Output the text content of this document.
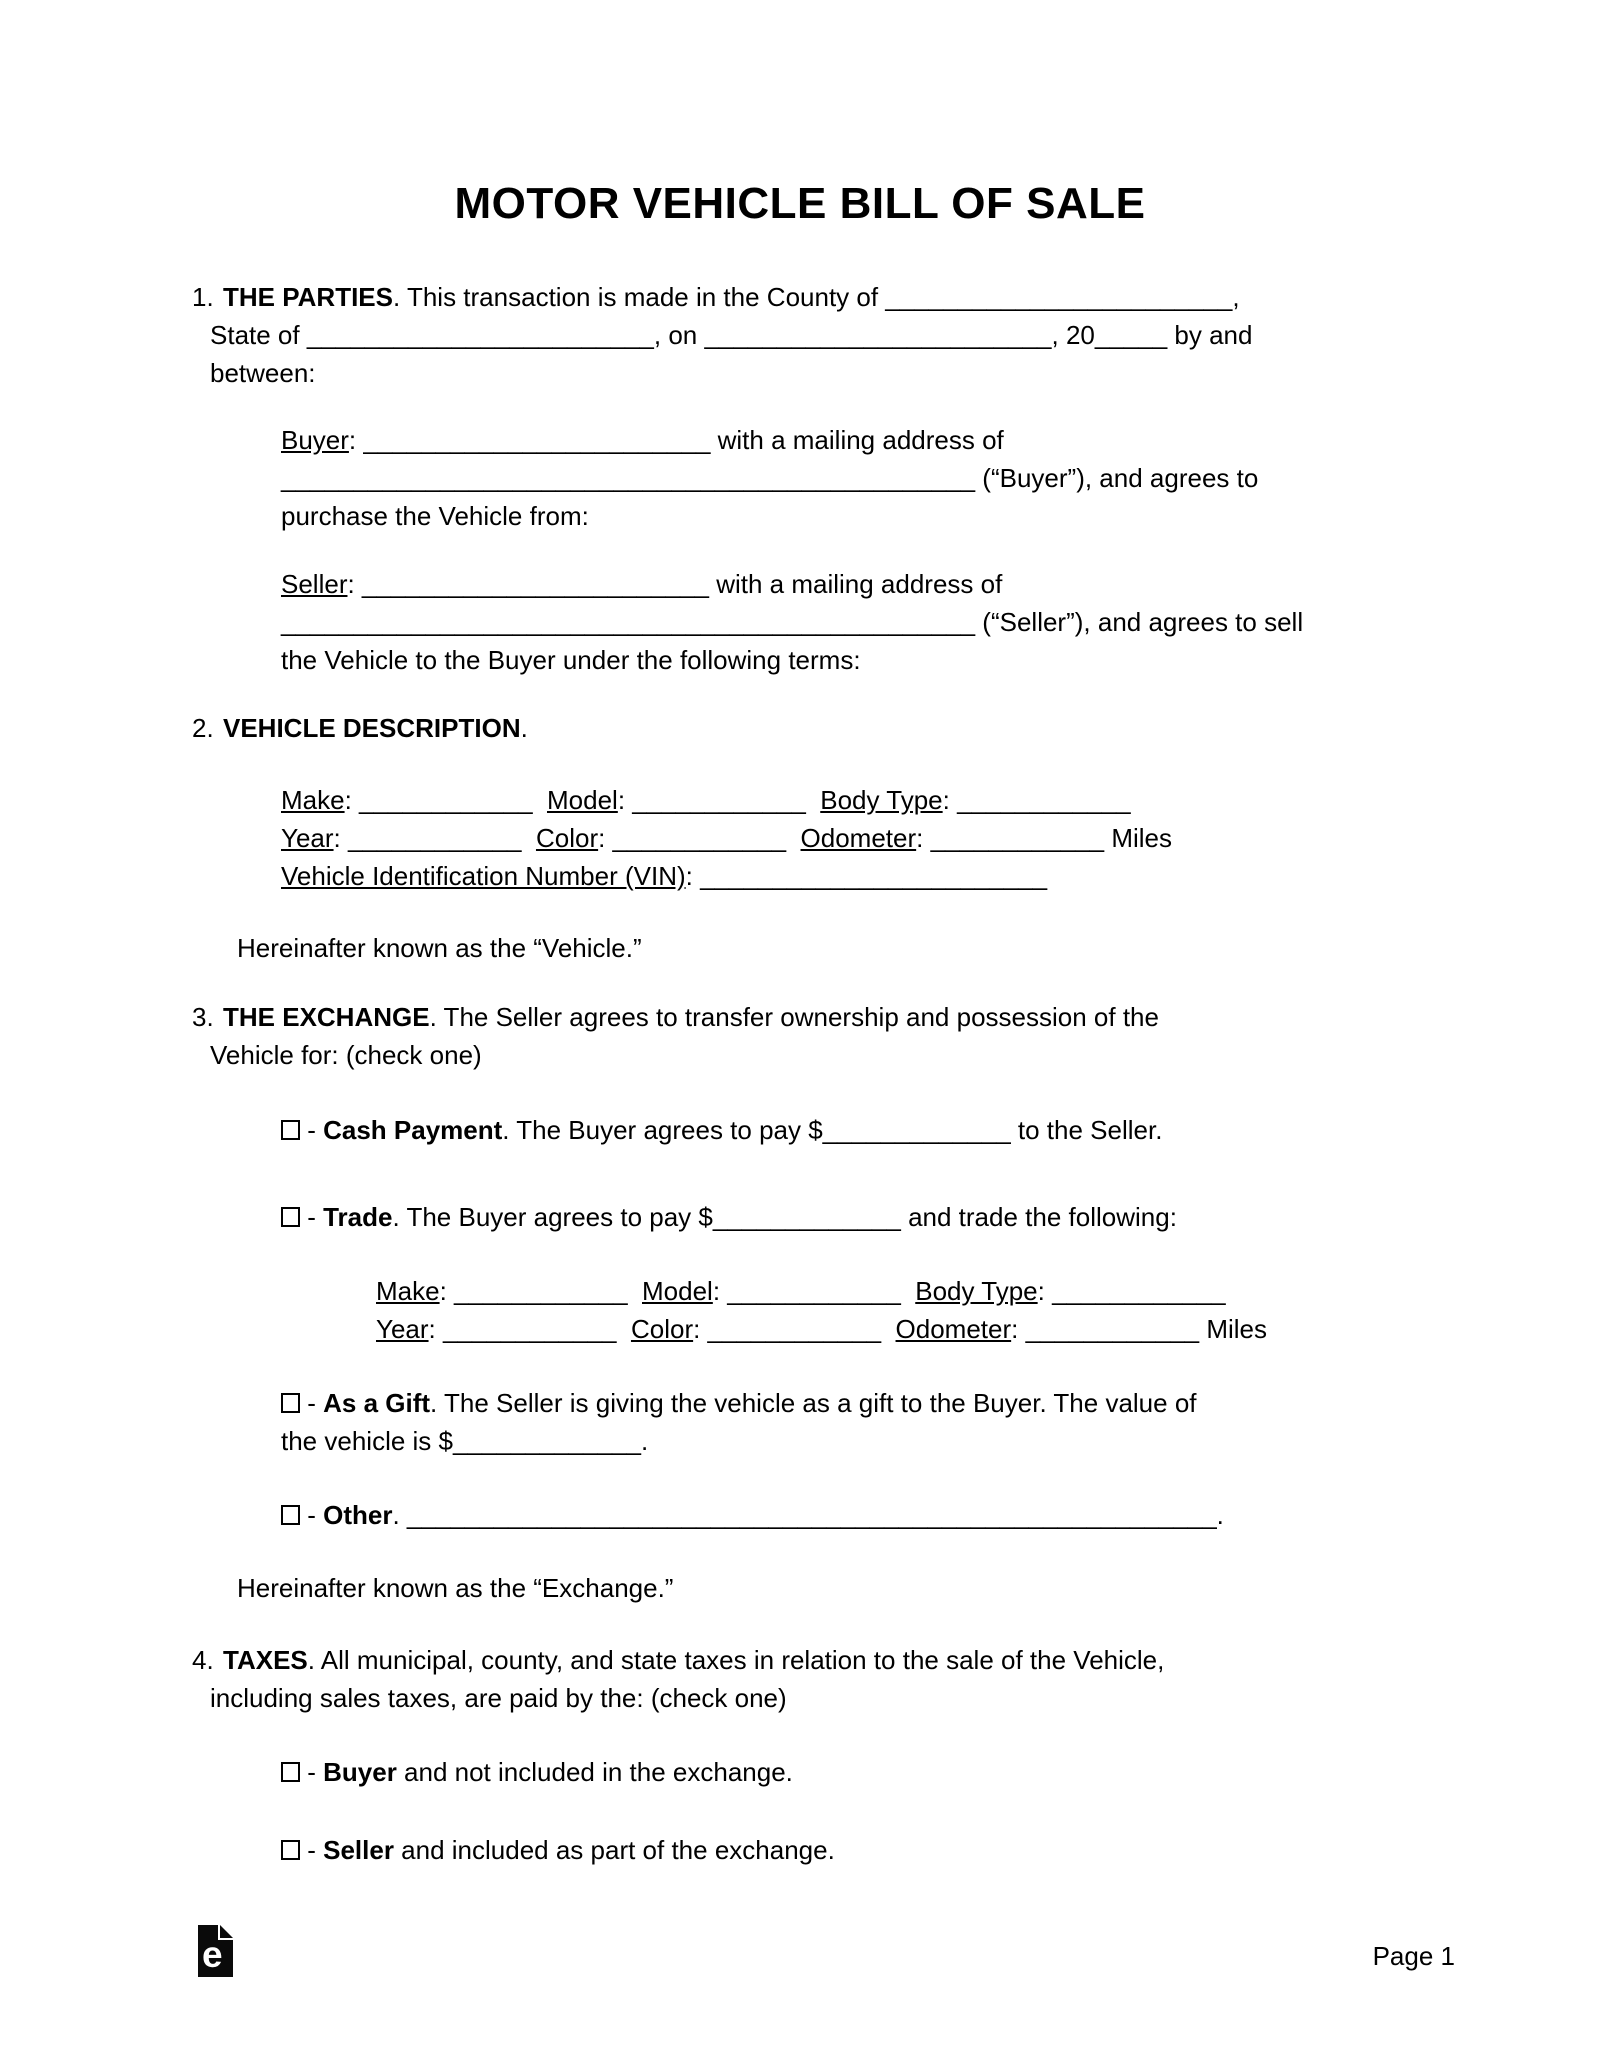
MOTOR VEHICLE BILL OF SALE
1. THE PARTIES. This transaction is made in the County of ________________________,
State of ________________________, on ________________________, 20_____ by and
between:
Buyer: ________________________ with a mailing address of
________________________________________________ (“Buyer”), and agrees to
purchase the Vehicle from:
Seller: ________________________ with a mailing address of
________________________________________________ (“Seller”), and agrees to sell
the Vehicle to the Buyer under the following terms:
2. VEHICLE DESCRIPTION.
Make: ____________  Model: ____________  Body Type: ____________
Year: ____________  Color: ____________  Odometer: ____________ Miles
Vehicle Identification Number (VIN): ________________________
Hereinafter known as the “Vehicle.”
3. THE EXCHANGE. The Seller agrees to transfer ownership and possession of the
Vehicle for: (check one)
- Cash Payment. The Buyer agrees to pay $_____________ to the Seller.
- Trade. The Buyer agrees to pay $_____________ and trade the following:
Make: ____________  Model: ____________  Body Type: ____________
Year: ____________  Color: ____________  Odometer: ____________ Miles
- As a Gift. The Seller is giving the vehicle as a gift to the Buyer. The value of
the vehicle is $_____________.
- Other. ________________________________________________________.
Hereinafter known as the “Exchange.”
4. TAXES. All municipal, county, and state taxes in relation to the sale of the Vehicle,
including sales taxes, are paid by the: (check one)
- Buyer and not included in the exchange.
- Seller and included as part of the exchange.
e	Page 1
